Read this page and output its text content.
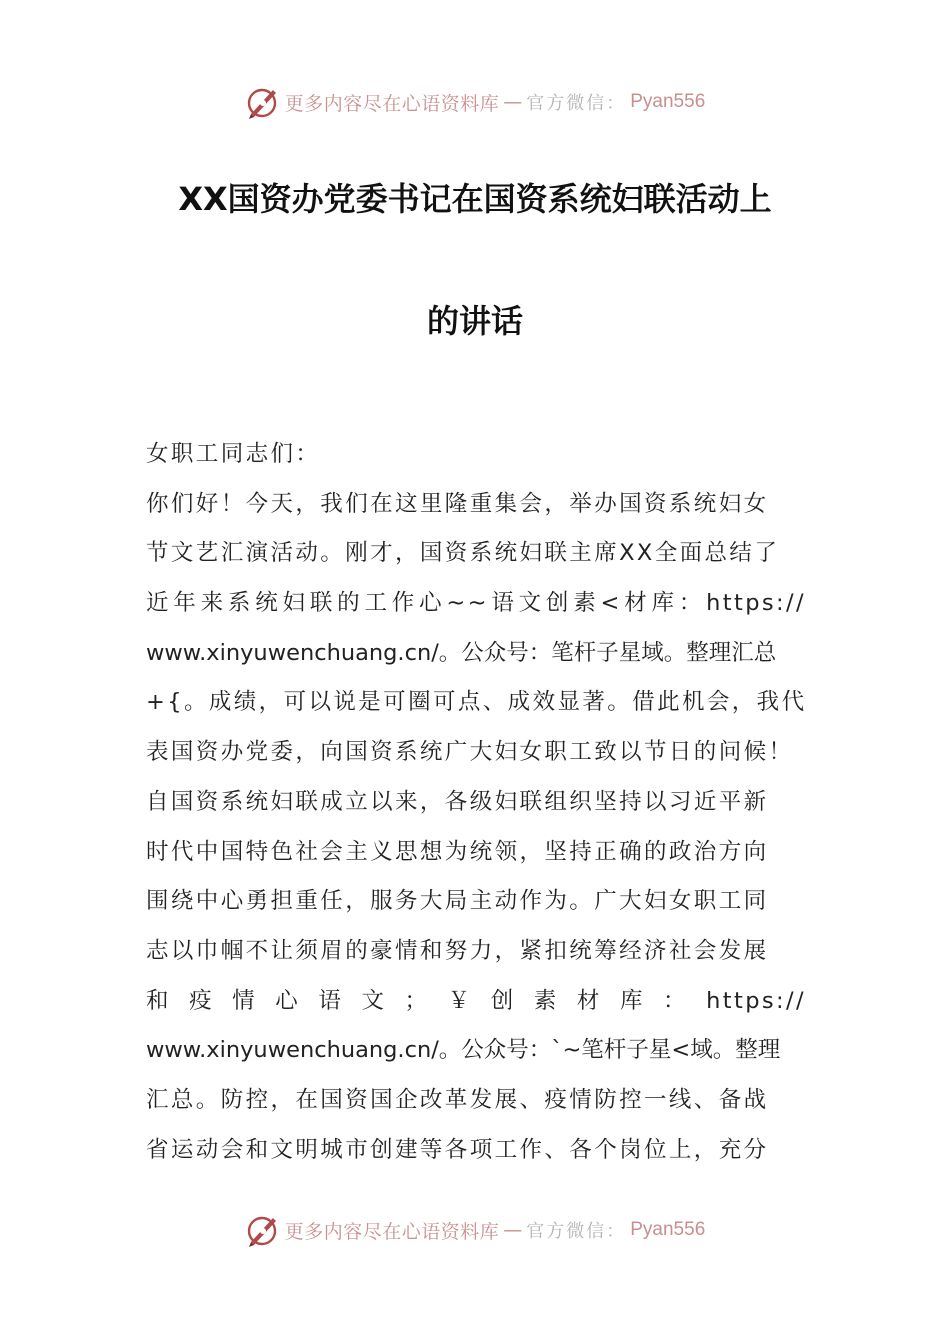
更多内容尽在心语资料库 — 官方微信： Pyan556
XX国资办党委书记在国资系统妇联活动上
的讲话
女职工同志们：
你们好！今天，我们在这里隆重集会，举办国资系统妇女
节文艺汇演活动。刚才，国资系统妇联主席XX全面总结了
近年来系统妇联的工作心~~语文创素<材库：https://
www.xinyuwenchuang.cn/。公众号：笔杆子星域。整理汇总
+{。成绩，可以说是可圈可点、成效显著。借此机会，我代
表国资办党委，向国资系统广大妇女职工致以节日的问候！
自国资系统妇联成立以来，各级妇联组织坚持以习近平新
时代中国特色社会主义思想为统领，坚持正确的政治方向
围绕中心勇担重任，服务大局主动作为。广大妇女职工同
志以巾帼不让须眉的豪情和努力，紧扣统筹经济社会发展
和疫情心语文；￥创素材库：https://
www.xinyuwenchuang.cn/。公众号：`~笔杆子星<域。整理
汇总。防控，在国资国企改革发展、疫情防控一线、备战
省运动会和文明城市创建等各项工作、各个岗位上，充分
更多内容尽在心语资料库 — 官方微信： Pyan556
